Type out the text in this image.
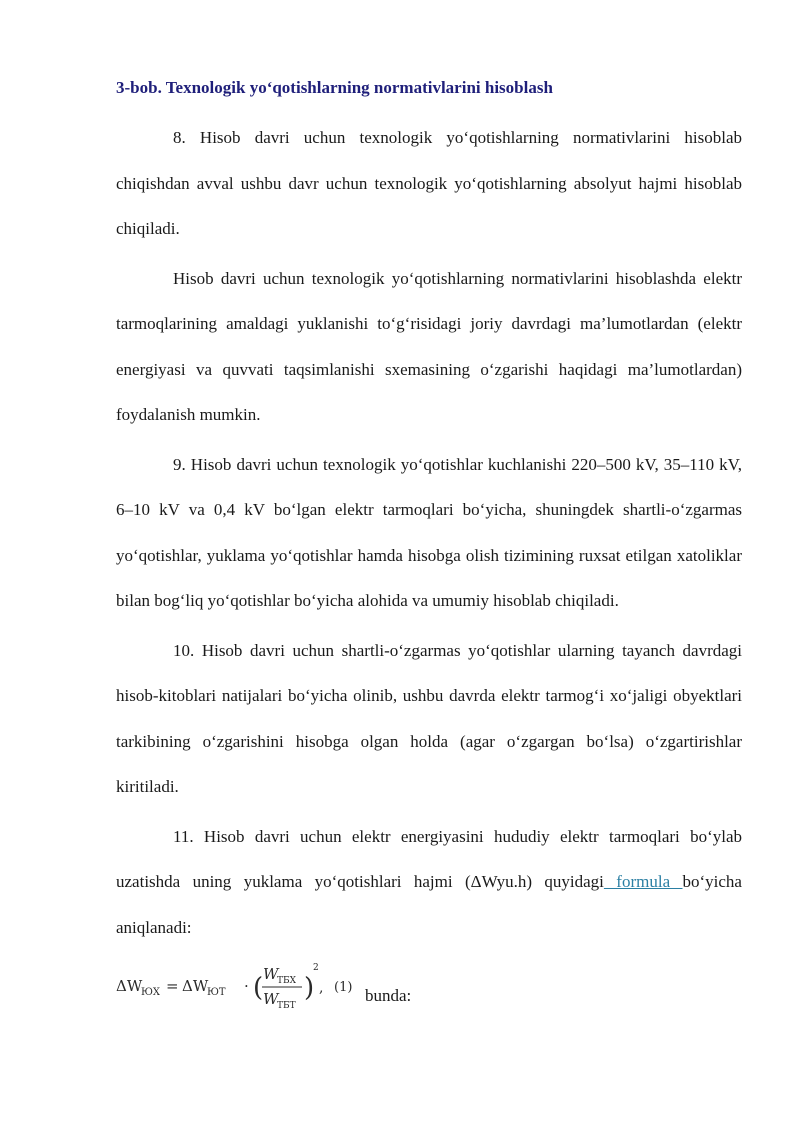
3-bob. Texnologik yo‘qotishlarning normativlarini hisoblash

8. Hisob davri uchun texnologik yo‘qotishlarning normativlarini hisoblab chiqishdan avval ushbu davr uchun texnologik yo‘qotishlarning absolyut hajmi hisoblab chiqiladi.

Hisob davri uchun texnologik yo‘qotishlarning normativlarini hisoblashda elektr tarmoqlarining amaldagi yuklanishi to‘g‘risidagi joriy davrdagi ma’lumotlardan (elektr energiyasi va quvvati taqsimlanishi sxemasining o‘zgarishi haqidagi ma’lumotlardan) foydalanish mumkin.

9. Hisob davri uchun texnologik yo‘qotishlar kuchlanishi 220–500 kV, 35–110 kV, 6–10 kV va 0,4 kV bo‘lgan elektr tarmoqlari bo‘yicha, shuningdek shartli-o‘zgarmas yo‘qotishlar, yuklama yo‘qotishlar hamda hisobga olish tizimining ruxsat etilgan xatoliklar bilan bog‘liq yo‘qotishlar bo‘yicha alohida va umumiy hisoblab chiqiladi.

10. Hisob davri uchun shartli-o‘zgarmas yo‘qotishlar ularning tayanch davrdagi hisob-kitoblari natijalari bo‘yicha olinib, ushbu davrda elektr tarmog‘i xo‘jaligi obyektlari tarkibining o‘zgarishini hisobga olgan holda (agar o‘zgargan bo‘lsa) o‘zgartirishlar kiritiladi.

11. Hisob davri uchun elektr energiyasini hududiy elektr tarmoqlari bo‘ylab uzatishda uning yuklama yo‘qotishlari hajmi (ΔWyu.h) quyidagi formula bo‘yicha aniqlanadi:

ΔW
ЮХ = ΔW
ЮТ · ( W
ТБХ
W
ТБТ
)
2
, (1) bunda:
